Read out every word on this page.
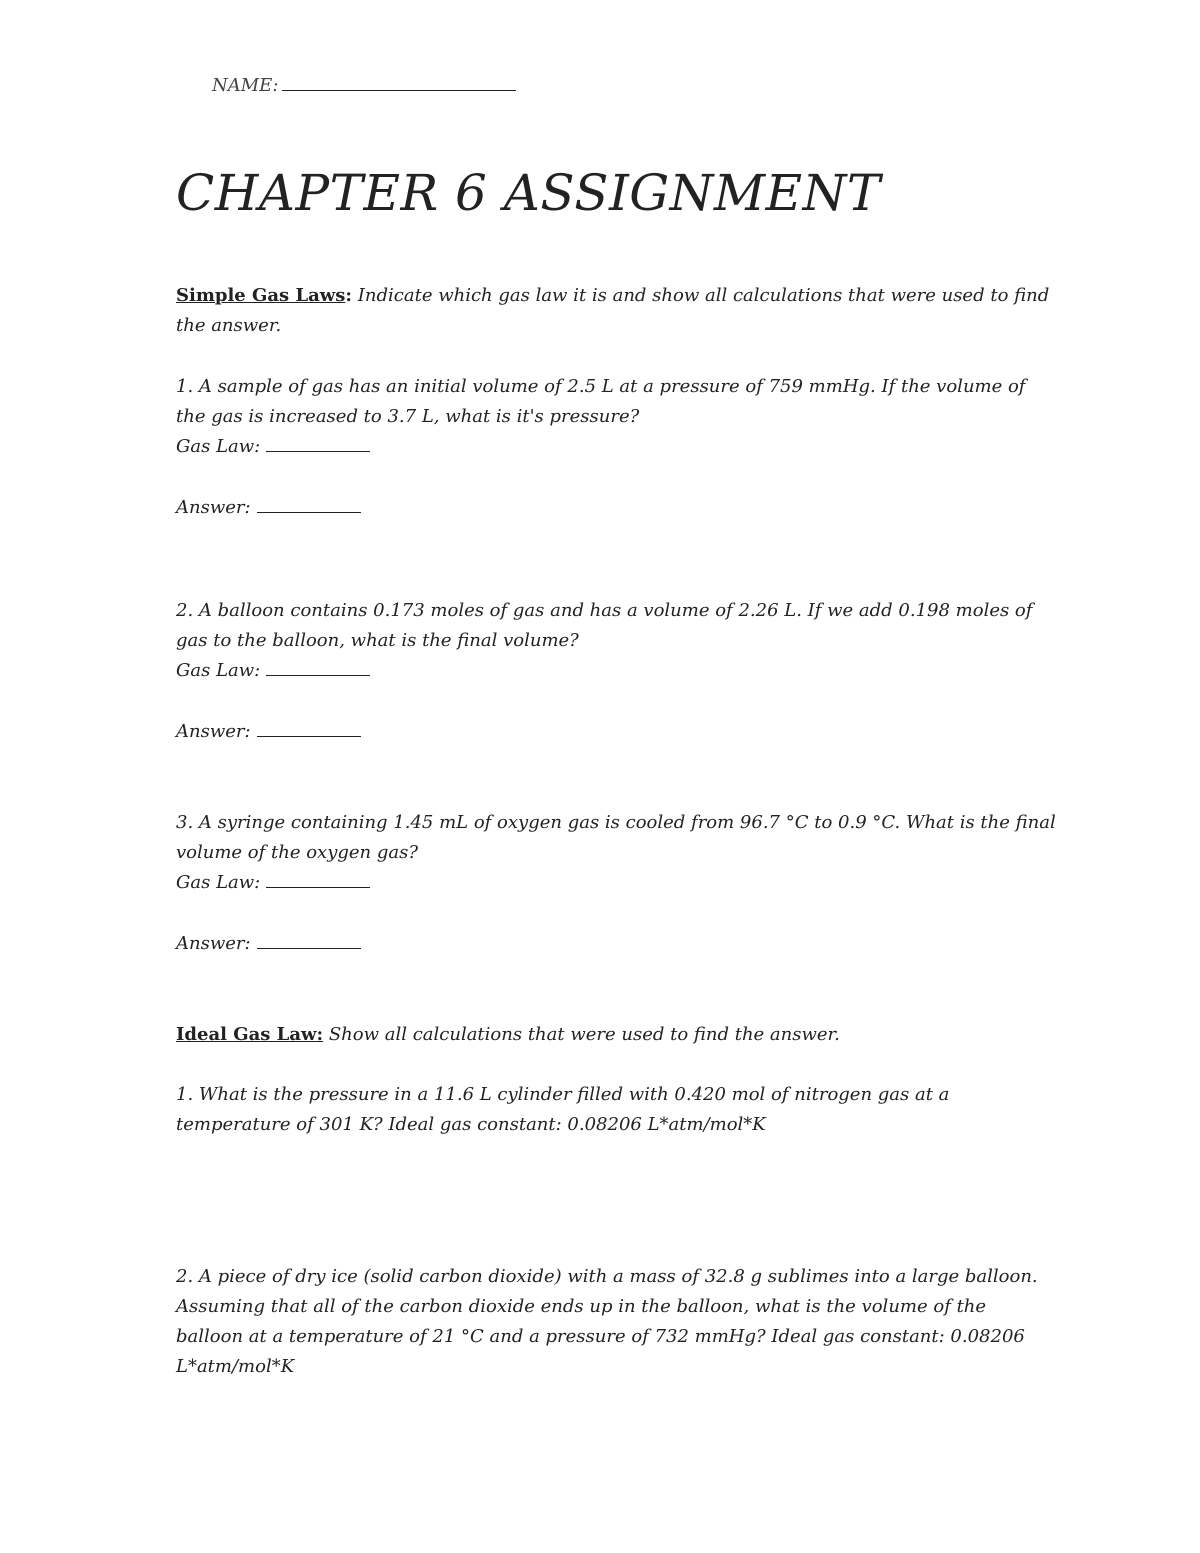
NAME:
CHAPTER 6 ASSIGNMENT
Simple Gas Laws: Indicate which gas law it is and show all calculations that were used to find
the answer.
1. A sample of gas has an initial volume of 2.5 L at a pressure of 759 mmHg. If the volume of
the gas is increased to 3.7 L, what is it's pressure?
Gas Law:
Answer:
2. A balloon contains 0.173 moles of gas and has a volume of 2.26 L. If we add 0.198 moles of
gas to the balloon, what is the final volume?
Gas Law:
Answer:
3. A syringe containing 1.45 mL of oxygen gas is cooled from 96.7 °C to 0.9 °C. What is the final
volume of the oxygen gas?
Gas Law:
Answer:
Ideal Gas Law: Show all calculations that were used to find the answer.
1. What is the pressure in a 11.6 L cylinder filled with 0.420 mol of nitrogen gas at a
temperature of 301 K? Ideal gas constant: 0.08206 L*atm/mol*K
2. A piece of dry ice (solid carbon dioxide) with a mass of 32.8 g sublimes into a large balloon.
Assuming that all of the carbon dioxide ends up in the balloon, what is the volume of the
balloon at a temperature of 21 °C and a pressure of 732 mmHg? Ideal gas constant: 0.08206
L*atm/mol*K
